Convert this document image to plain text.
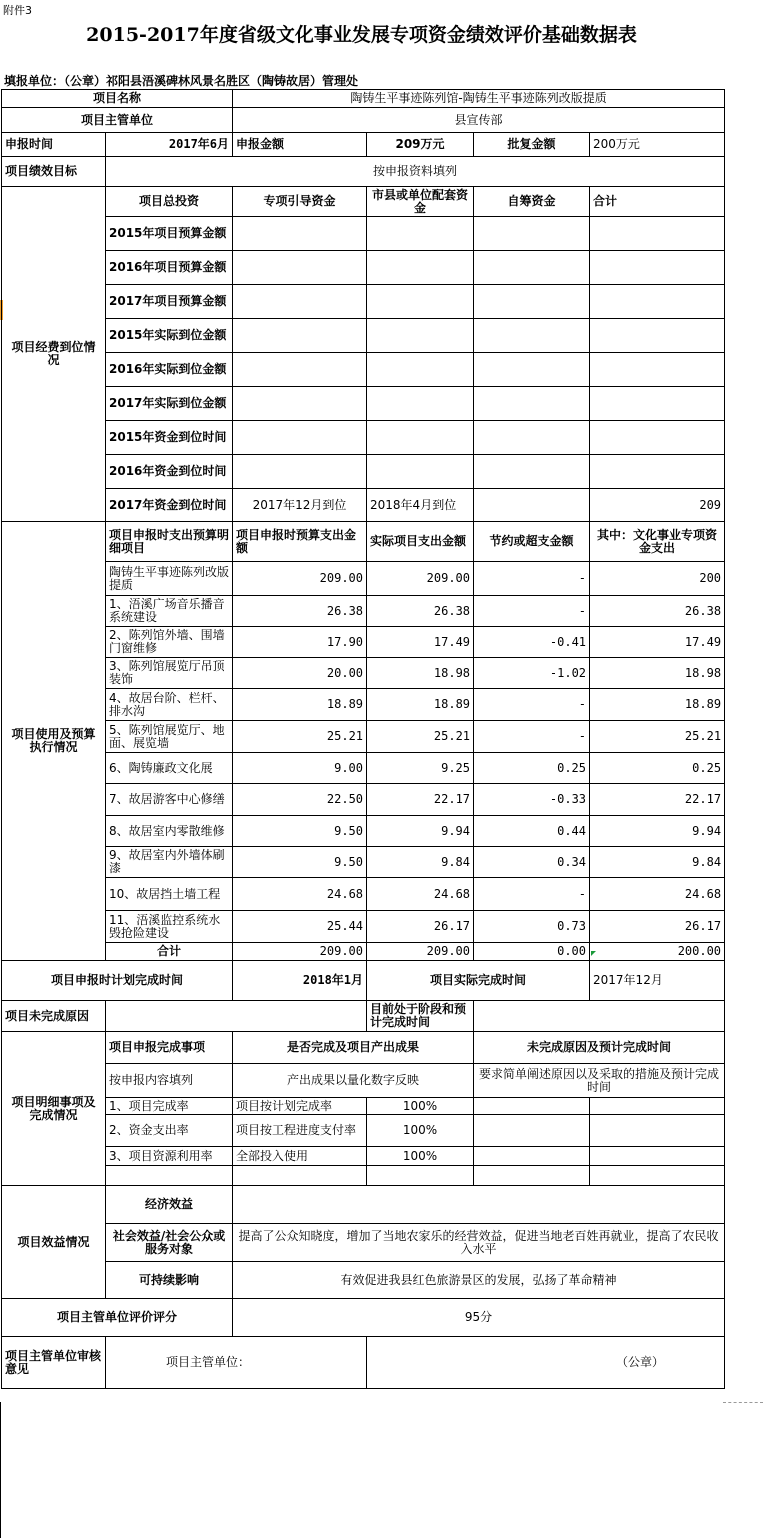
附件3
2015-2017年度省级文化事业发展专项资金绩效评价基础数据表
填报单位：（公章）祁阳县浯溪碑林风景名胜区（陶铸故居）管理处
项目名称		陶铸生平事迹陈列馆-陶铸生平事迹陈列改版提质			
项目主管单位		县宣传部			
申报时间	2017年6月	申报金额	209万元	批复金额	200万元
项目绩效目标	按申报资料填列				
项目经费到位情况	项目总投资	专项引导资金	市县或单位配套资金	自筹资金	合计
	2015年项目预算金额				
	2016年项目预算金额				
	2017年项目预算金额				
	2015年实际到位金额				
	2016年实际到位金额				
	2017年实际到位金额				
	2015年资金到位时间				
	2016年资金到位时间				
	2017年资金到位时间	2017年12月到位	2018年4月到位		209
项目使用及预算执行情况	项目申报时支出预算明细项目	项目申报时预算支出金额	实际项目支出金额	节约或超支金额	其中：文化事业专项资金支出
	陶铸生平事迹陈列改版提质	209.00	209.00	-	200
	1、浯溪广场音乐播音系统建设	26.38	26.38	-	26.38
	2、陈列馆外墙、围墙门窗维修	17.90	17.49	-0.41	17.49
	3、陈列馆展览厅吊顶装饰	20.00	18.98	-1.02	18.98
	4、故居台阶、栏杆、排水沟	18.89	18.89	-	18.89
	5、陈列馆展览厅、地面、展览墙	25.21	25.21	-	25.21
	6、陶铸廉政文化展	9.00	9.25	0.25	0.25
	7、故居游客中心修缮	22.50	22.17	-0.33	22.17
	8、故居室内零散维修	9.50	9.94	0.44	9.94
	9、故居室内外墙体刷漆	9.50	9.84	0.34	9.84
	10、故居挡土墙工程	24.68	24.68	-	24.68
	11、浯溪监控系统水毁抢险建设	25.44	26.17	0.73	26.17
	合计	209.00	209.00	0.00	200.00
项目申报时计划完成时间		2018年1月	项目实际完成时间		2017年12月
项目未完成原因			目前处于阶段和预计完成时间		
项目明细事项及完成情况	项目申报完成事项	是否完成及项目产出成果		未完成原因及预计完成时间	
	按申报内容填列	产出成果以量化数字反映		要求简单阐述原因以及采取的措施及预计完成时间	
	1、项目完成率	项目按计划完成率	100%		
	2、资金支出率	项目按工程进度支付率	100%		
	3、项目资源利用率	全部投入使用	100%		

项目效益情况	经济效益				
	社会效益/社会公众或服务对象	提高了公众知晓度，增加了当地农家乐的经营效益，促进当地老百姓再就业，提高了农民收入水平			
	可持续影响	有效促进我县红色旅游景区的发展，弘扬了革命精神			
项目主管单位评价评分		95分			
项目主管单位审核意见	项目主管单位：		（公章）		
